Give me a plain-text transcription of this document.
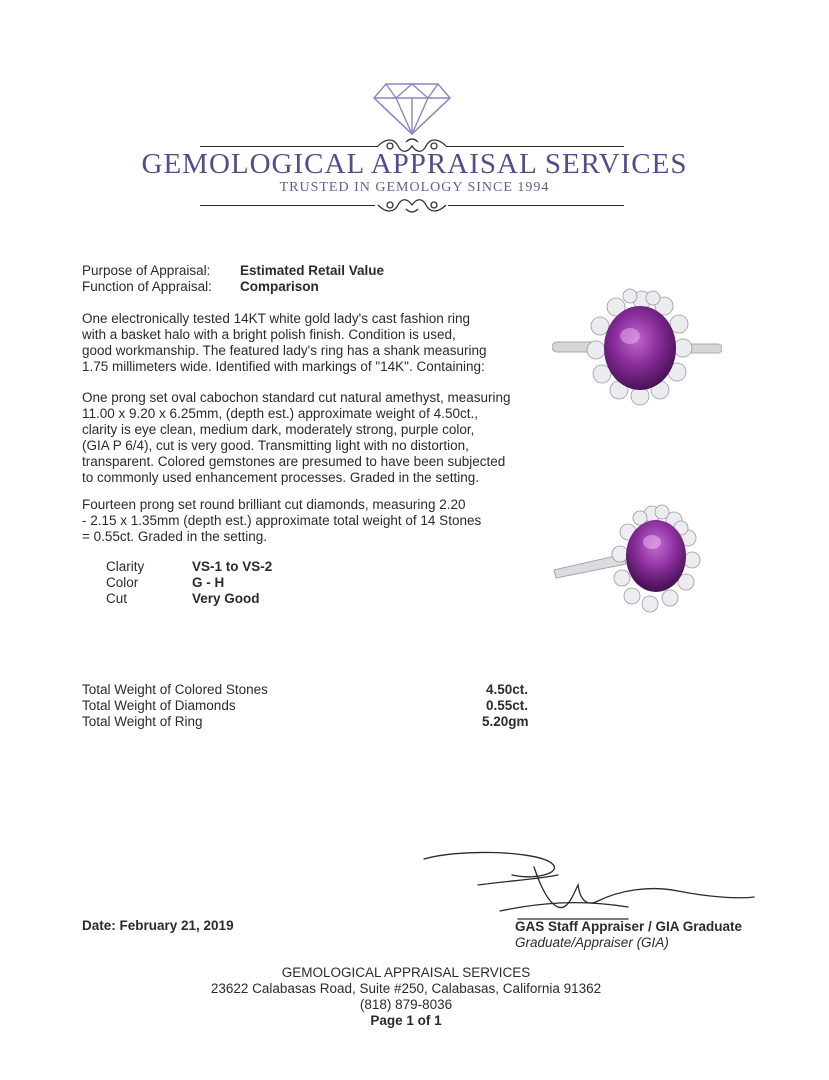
GEMOLOGICAL APPRAISAL SERVICES
TRUSTED IN GEMOLOGY SINCE 1994
Purpose of Appraisal: Estimated Retail Value
Function of Appraisal: Comparison
One electronically tested 14KT white gold lady's cast fashion ring
with a basket halo with a bright polish finish. Condition is used,
good workmanship. The featured lady's ring has a shank measuring
1.75 millimeters wide. Identified with markings of "14K". Containing:
One prong set oval cabochon standard cut natural amethyst, measuring
11.00 x 9.20 x 6.25mm, (depth est.) approximate weight of 4.50ct.,
clarity is eye clean, medium dark, moderately strong, purple color,
(GIA P 6/4), cut is very good. Transmitting light with no distortion,
transparent. Colored gemstones are presumed to have been subjected
to commonly used enhancement processes. Graded in the setting.
Fourteen prong set round brilliant cut diamonds, measuring 2.20
- 2.15 x 1.35mm (depth est.) approximate total weight of 14 Stones
= 0.55ct. Graded in the setting.
Clarity	VS-1 to VS-2
Color	G - H
Cut	Very Good
Total Weight of Colored Stones	4.50ct.
Total Weight of Diamonds	0.55ct.
Total Weight of Ring	5.20gm
Date: February 21, 2019	GAS Staff Appraiser / GIA Graduate
Graduate/Appraiser (GIA)
GEMOLOGICAL APPRAISAL SERVICES
23622 Calabasas Road, Suite #250, Calabasas, California 91362
(818) 879-8036
Page 1 of 1
